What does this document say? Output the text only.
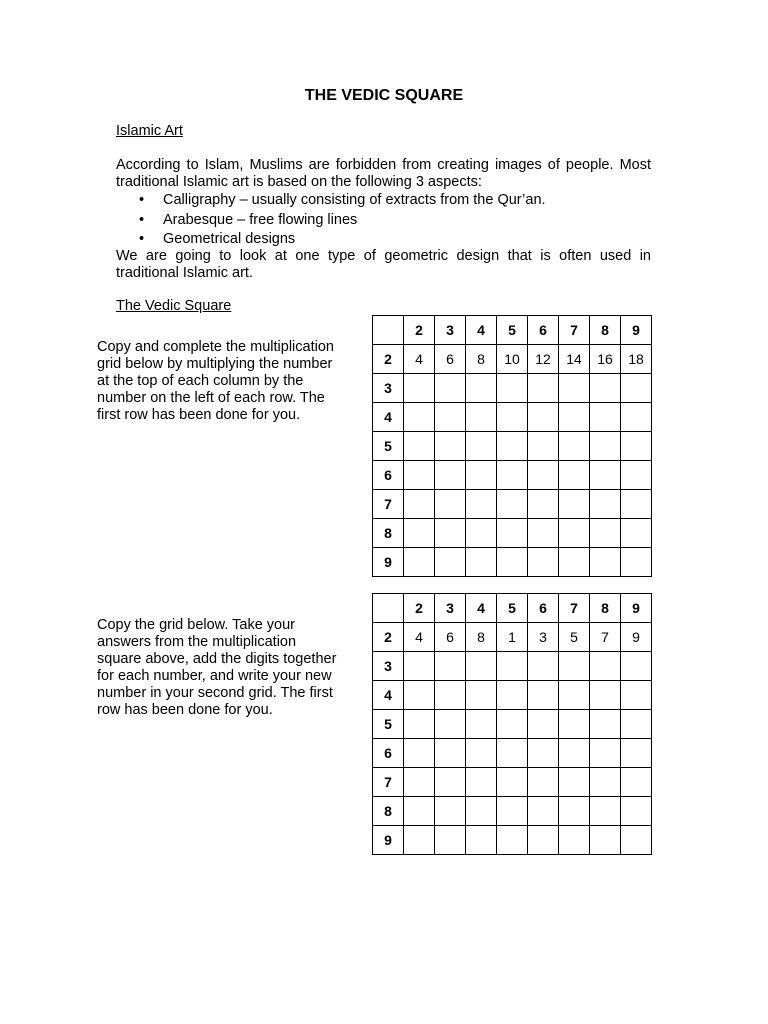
THE VEDIC SQUARE
Islamic Art
According to Islam, Muslims are forbidden from creating images of people. Most traditional Islamic art is based on the following 3 aspects:
• Calligraphy – usually consisting of extracts from the Qur’an.
• Arabesque – free flowing lines
• Geometrical designs
We are going to look at one type of geometric design that is often used in traditional Islamic art.
The Vedic Square

Copy and complete the multiplication grid below by multiplying the number at the top of each column by the number on the left of each row. The first row has been done for you.

	2	3	4	5	6	7	8	9
2	4	6	8	10	12	14	16	18
3								
4								
5								
6								
7								
8								
9								

Copy the grid below. Take your answers from the multiplication square above, add the digits together for each number, and write your new number in your second grid. The first row has been done for you.

	2	3	4	5	6	7	8	9
2	4	6	8	1	3	5	7	9
3								
4								
5								
6								
7								
8								
9								
